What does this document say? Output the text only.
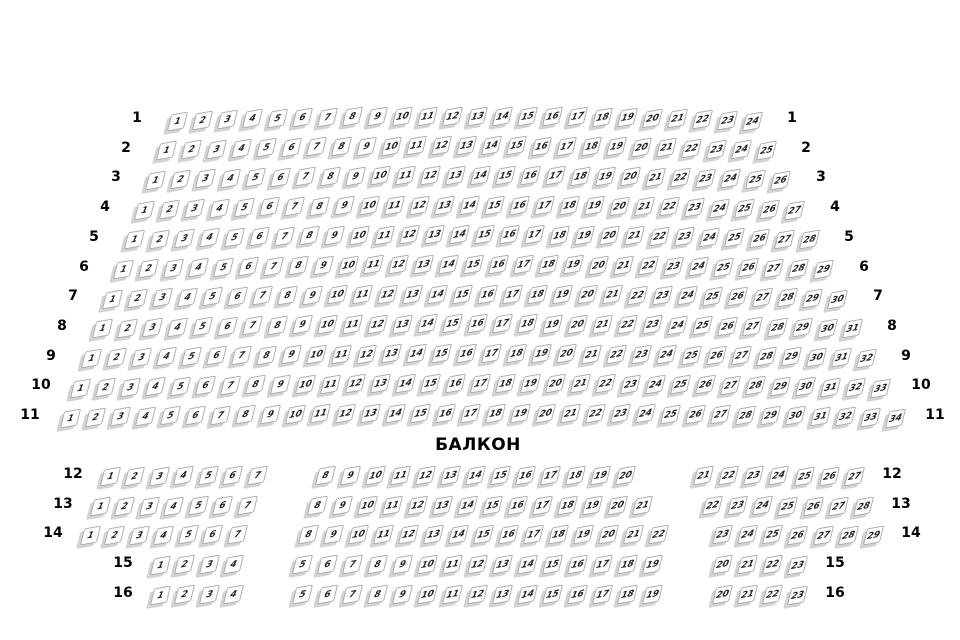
БАЛКОН
1	2	3	4	5	6	7	8	9	10	11	12	13	14	15	16	17	18	19	20	21	22	23	24
1	1
1	2	3	4	5	6	7	8	9	10	11	12	13	14	15	16	17	18	19	20	21	22	23	24	25
2	2
1	2	3	4	5	6	7	8	9	10	11	12	13	14	15	16	17	18	19	20	21	22	23	24	25	26
3	3
1	2	3	4	5	6	7	8	9	10	11	12	13	14	15	16	17	18	19	20	21	22	23	24	25	26	27
4	4
1	2	3	4	5	6	7	8	9	10	11	12	13	14	15	16	17	18	19	20	21	22	23	24	25	26	27	28
5	5
1	2	3	4	5	6	7	8	9	10	11	12	13	14	15	16	17	18	19	20	21	22	23	24	25	26	27	28	29
6	6
1	2	3	4	5	6	7	8	9	10	11	12	13	14	15	16	17	18	19	20	21	22	23	24	25	26	27	28	29	30
7	7
1	2	3	4	5	6	7	8	9	10	11	12	13	14	15	16	17	18	19	20	21	22	23	24	25	26	27	28	29	30	31
8	8
1	2	3	4	5	6	7	8	9	10	11	12	13	14	15	16	17	18	19	20	21	22	23	24	25	26	27	28	29	30	31	32
9	9
1	2	3	4	5	6	7	8	9	10	11	12	13	14	15	16	17	18	19	20	21	22	23	24	25	26	27	28	29	30	31	32	33
10	10
1	2	3	4	5	6	7	8	9	10	11	12	13	14	15	16	17	18	19	20	21	22	23	24	25	26	27	28	29	30	31	32	33	34
11	11
1	2	3	4	5	6	7	8	9	10	11	12	13	14	15	16	17	18	19	20	21	22	23	24	25	26	27
12	12
1	2	3	4	5	6	7	8	9	10	11	12	13	14	15	16	17	18	19	20	21	22	23	24	25	26	27	28
13	13
1	2	3	4	5	6	7	8	9	10	11	12	13	14	15	16	17	18	19	20	21	22	23	24	25	26	27	28	29
14	14
1	2	3	4	5	6	7	8	9	10	11	12	13	14	15	16	17	18	19	20	21	22	23
15	15
1	2	3	4	5	6	7	8	9	10	11	12	13	14	15	16	17	18	19	20	21	22	23
16	16
